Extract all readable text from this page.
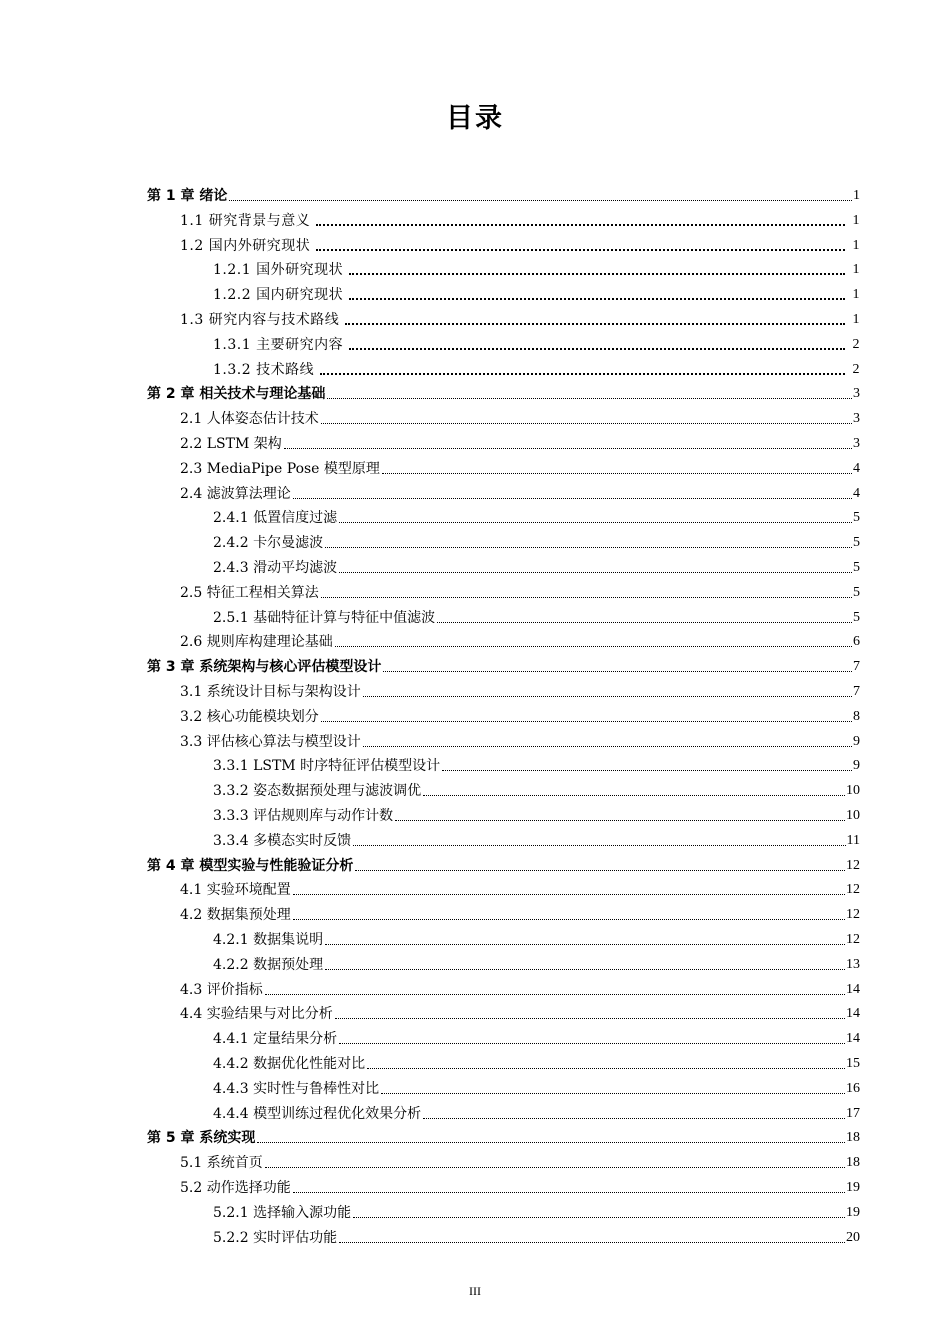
目录
第 1 章 绪论	1
1.1 研究背景与意义	1
1.2 国内外研究现状	1
1.2.1 国外研究现状	1
1.2.2 国内研究现状	1
1.3 研究内容与技术路线	1
1.3.1 主要研究内容	2
1.3.2 技术路线	2
第 2 章 相关技术与理论基础	3
2.1 人体姿态估计技术	3
2.2 LSTM 架构	3
2.3 MediaPipe Pose 模型原理	4
2.4 滤波算法理论	4
2.4.1 低置信度过滤	5
2.4.2 卡尔曼滤波	5
2.4.3 滑动平均滤波	5
2.5 特征工程相关算法	5
2.5.1 基础特征计算与特征中值滤波	5
2.6 规则库构建理论基础	6
第 3 章 系统架构与核心评估模型设计	7
3.1 系统设计目标与架构设计	7
3.2 核心功能模块划分	8
3.3 评估核心算法与模型设计	9
3.3.1 LSTM 时序特征评估模型设计	9
3.3.2 姿态数据预处理与滤波调优	10
3.3.3 评估规则库与动作计数	10
3.3.4 多模态实时反馈	11
第 4 章 模型实验与性能验证分析	12
4.1 实验环境配置	12
4.2 数据集预处理	12
4.2.1 数据集说明	12
4.2.2 数据预处理	13
4.3 评价指标	14
4.4 实验结果与对比分析	14
4.4.1 定量结果分析	14
4.4.2 数据优化性能对比	15
4.4.3 实时性与鲁棒性对比	16
4.4.4 模型训练过程优化效果分析	17
第 5 章 系统实现	18
5.1 系统首页	18
5.2 动作选择功能	19
5.2.1 选择输入源功能	19
5.2.2 实时评估功能	20
III
